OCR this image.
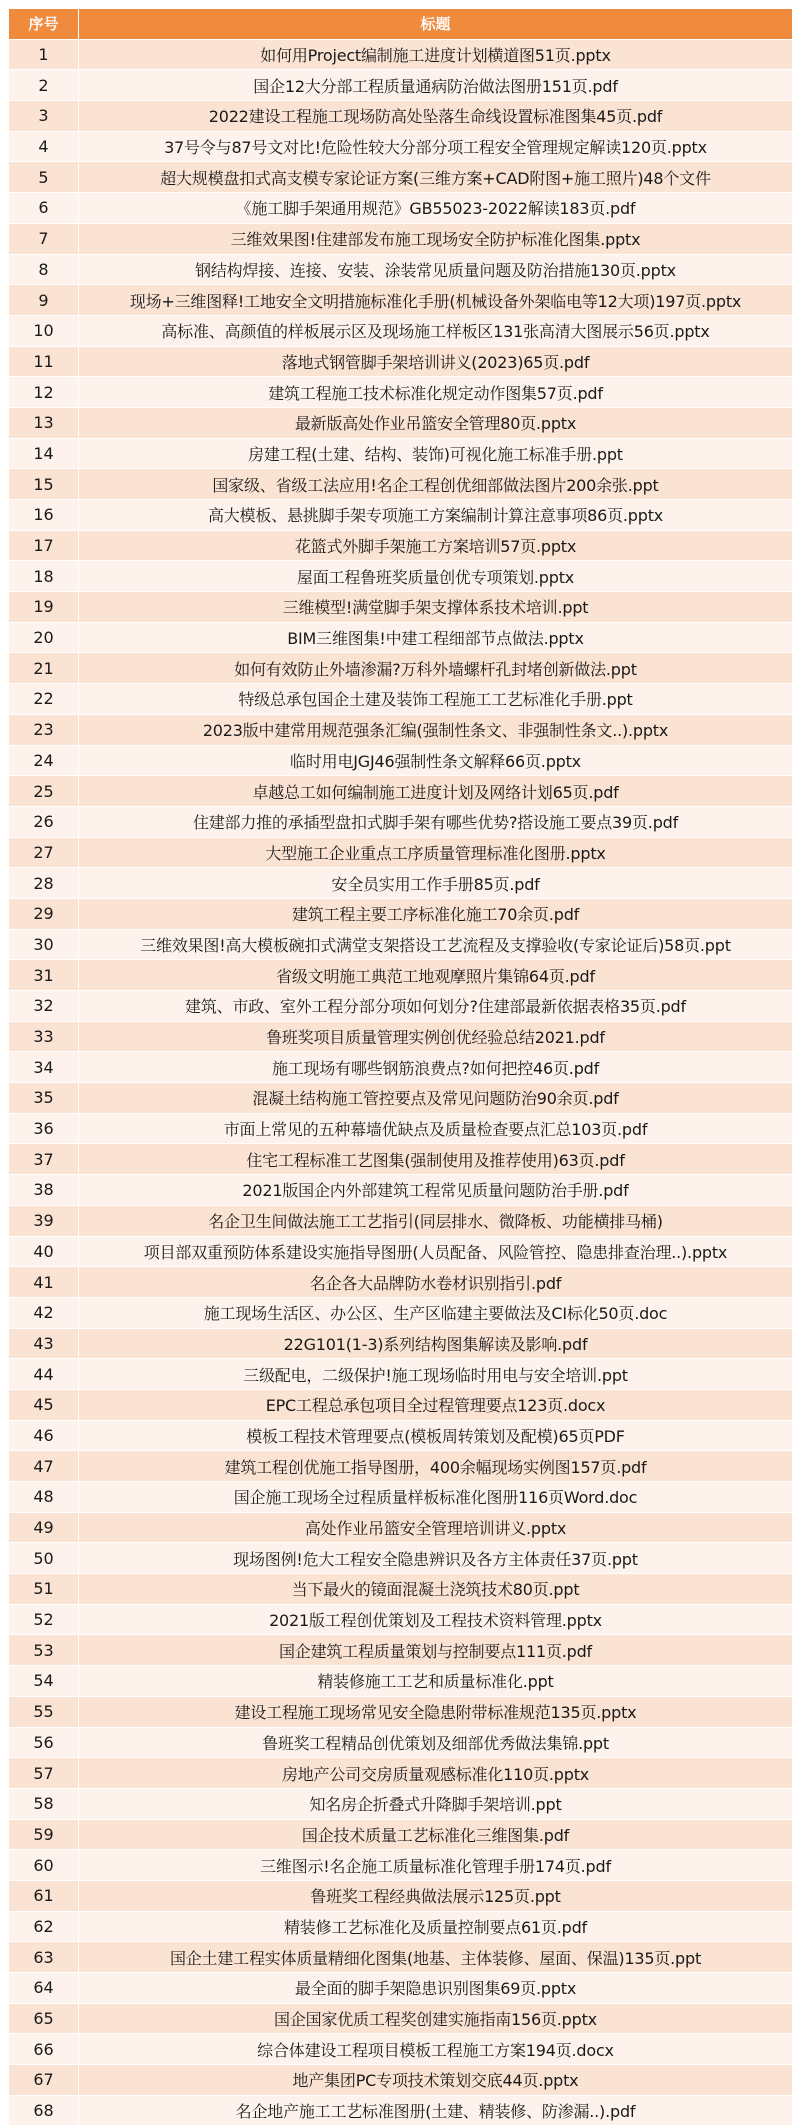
序号	标题
1	如何用Project编制施工进度计划横道图51页.pptx
2	国企12大分部工程质量通病防治做法图册151页.pdf
3	2022建设工程施工现场防高处坠落生命线设置标准图集45页.pdf
4	37号令与87号文对比!危险性较大分部分项工程安全管理规定解读120页.pptx
5	超大规模盘扣式高支模专家论证方案(三维方案+CAD附图+施工照片)48个文件
6	《施工脚手架通用规范》GB55023-2022解读183页.pdf
7	三维效果图!住建部发布施工现场安全防护标准化图集.pptx
8	钢结构焊接、连接、安装、涂装常见质量问题及防治措施130页.pptx
9	现场+三维图释!工地安全文明措施标准化手册(机械设备外架临电等12大项)197页.pptx
10	高标准、高颜值的样板展示区及现场施工样板区131张高清大图展示56页.pptx
11	落地式钢管脚手架培训讲义(2023)65页.pdf
12	建筑工程施工技术标准化规定动作图集57页.pdf
13	最新版高处作业吊篮安全管理80页.pptx
14	房建工程(土建、结构、装饰)可视化施工标准手册.ppt
15	国家级、省级工法应用!名企工程创优细部做法图片200余张.ppt
16	高大模板、悬挑脚手架专项施工方案编制计算注意事项86页.pptx
17	花篮式外脚手架施工方案培训57页.pptx
18	屋面工程鲁班奖质量创优专项策划.pptx
19	三维模型!满堂脚手架支撑体系技术培训.ppt
20	BIM三维图集!中建工程细部节点做法.pptx
21	如何有效防止外墙渗漏?万科外墙螺杆孔封堵创新做法.ppt
22	特级总承包国企土建及装饰工程施工工艺标准化手册.ppt
23	2023版中建常用规范强条汇编(强制性条文、非强制性条文..).pptx
24	临时用电JGJ46强制性条文解释66页.pptx
25	卓越总工如何编制施工进度计划及网络计划65页.pdf
26	住建部力推的承插型盘扣式脚手架有哪些优势?搭设施工要点39页.pdf
27	大型施工企业重点工序质量管理标准化图册.pptx
28	安全员实用工作手册85页.pdf
29	建筑工程主要工序标准化施工70余页.pdf
30	三维效果图!高大模板碗扣式满堂支架搭设工艺流程及支撑验收(专家论证后)58页.ppt
31	省级文明施工典范工地观摩照片集锦64页.pdf
32	建筑、市政、室外工程分部分项如何划分?住建部最新依据表格35页.pdf
33	鲁班奖项目质量管理实例创优经验总结2021.pdf
34	施工现场有哪些钢筋浪费点?如何把控46页.pdf
35	混凝土结构施工管控要点及常见问题防治90余页.pdf
36	市面上常见的五种幕墙优缺点及质量检查要点汇总103页.pdf
37	住宅工程标准工艺图集(强制使用及推荐使用)63页.pdf
38	2021版国企内外部建筑工程常见质量问题防治手册.pdf
39	名企卫生间做法施工工艺指引(同层排水、微降板、功能横排马桶)
40	项目部双重预防体系建设实施指导图册(人员配备、风险管控、隐患排查治理..).pptx
41	名企各大品牌防水卷材识别指引.pdf
42	施工现场生活区、办公区、生产区临建主要做法及CI标化50页.doc
43	22G101(1-3)系列结构图集解读及影响.pdf
44	三级配电，二级保护!施工现场临时用电与安全培训.ppt
45	EPC工程总承包项目全过程管理要点123页.docx
46	模板工程技术管理要点(模板周转策划及配模)65页PDF
47	建筑工程创优施工指导图册，400余幅现场实例图157页.pdf
48	国企施工现场全过程质量样板标准化图册116页Word.doc
49	高处作业吊篮安全管理培训讲义.pptx
50	现场图例!危大工程安全隐患辨识及各方主体责任37页.ppt
51	当下最火的镜面混凝土浇筑技术80页.ppt
52	2021版工程创优策划及工程技术资料管理.pptx
53	国企建筑工程质量策划与控制要点111页.pdf
54	精装修施工工艺和质量标准化.ppt
55	建设工程施工现场常见安全隐患附带标准规范135页.pptx
56	鲁班奖工程精品创优策划及细部优秀做法集锦.ppt
57	房地产公司交房质量观感标准化110页.pptx
58	知名房企折叠式升降脚手架培训.ppt
59	国企技术质量工艺标准化三维图集.pdf
60	三维图示!名企施工质量标准化管理手册174页.pdf
61	鲁班奖工程经典做法展示125页.ppt
62	精装修工艺标准化及质量控制要点61页.pdf
63	国企土建工程实体质量精细化图集(地基、主体装修、屋面、保温)135页.ppt
64	最全面的脚手架隐患识别图集69页.pptx
65	国企国家优质工程奖创建实施指南156页.pptx
66	综合体建设工程项目模板工程施工方案194页.docx
67	地产集团PC专项技术策划交底44页.pptx
68	名企地产施工工艺标准图册(土建、精装修、防渗漏..).pdf
